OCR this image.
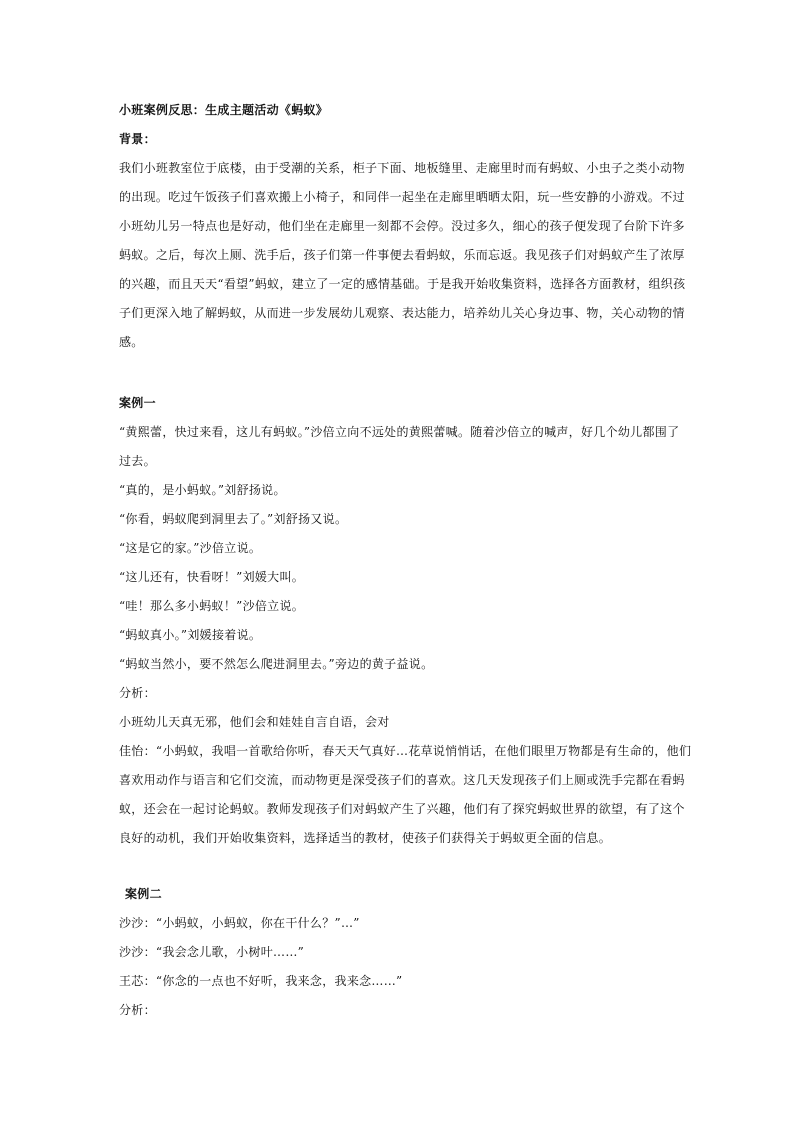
小班案例反思：生成主题活动《蚂蚁》
背景：
我们小班教室位于底楼，由于受潮的关系，柜子下面、地板缝里、走廊里时而有蚂蚁、小虫子之类小动物
的出现。吃过午饭孩子们喜欢搬上小椅子，和同伴一起坐在走廊里晒晒太阳，玩一些安静的小游戏。不过
小班幼儿另一特点也是好动，他们坐在走廊里一刻都不会停。没过多久，细心的孩子便发现了台阶下许多
蚂蚁。之后，每次上厕、洗手后，孩子们第一件事便去看蚂蚁，乐而忘返。我见孩子们对蚂蚁产生了浓厚
的兴趣，而且天天“看望”蚂蚁，建立了一定的感情基础。于是我开始收集资料，选择各方面教材，组织孩
子们更深入地了解蚂蚁，从而进一步发展幼儿观察、表达能力，培养幼儿关心身边事、物，关心动物的情
感。
案例一
“黄熙蕾，快过来看，这儿有蚂蚁。”沙倍立向不远处的黄熙蕾喊。随着沙倍立的喊声，好几个幼儿都围了
过去。
“真的，是小蚂蚁。”刘舒扬说。
“你看，蚂蚁爬到洞里去了。”刘舒扬又说。
“这是它的家。”沙倍立说。
“这儿还有，快看呀！”刘媛大叫。
“哇！那么多小蚂蚁！”沙倍立说。
“蚂蚁真小。”刘媛接着说。
“蚂蚁当然小，要不然怎么爬进洞里去。”旁边的黄子益说。
分析：
小班幼儿天真无邪，他们会和娃娃自言自语，会对
佳怡：“小蚂蚁，我唱一首歌给你听，春天天气真好…花草说悄悄话，在他们眼里万物都是有生命的，他们
喜欢用动作与语言和它们交流，而动物更是深受孩子们的喜欢。这几天发现孩子们上厕或洗手完都在看蚂
蚁，还会在一起讨论蚂蚁。教师发现孩子们对蚂蚁产生了兴趣，他们有了探究蚂蚁世界的欲望，有了这个
良好的动机，我们开始收集资料，选择适当的教材，使孩子们获得关于蚂蚁更全面的信息。
案例二
沙沙：“小蚂蚁，小蚂蚁，你在干什么？”…”
沙沙：“我会念儿歌，小树叶……”
王芯：“你念的一点也不好听，我来念，我来念……”
分析：
